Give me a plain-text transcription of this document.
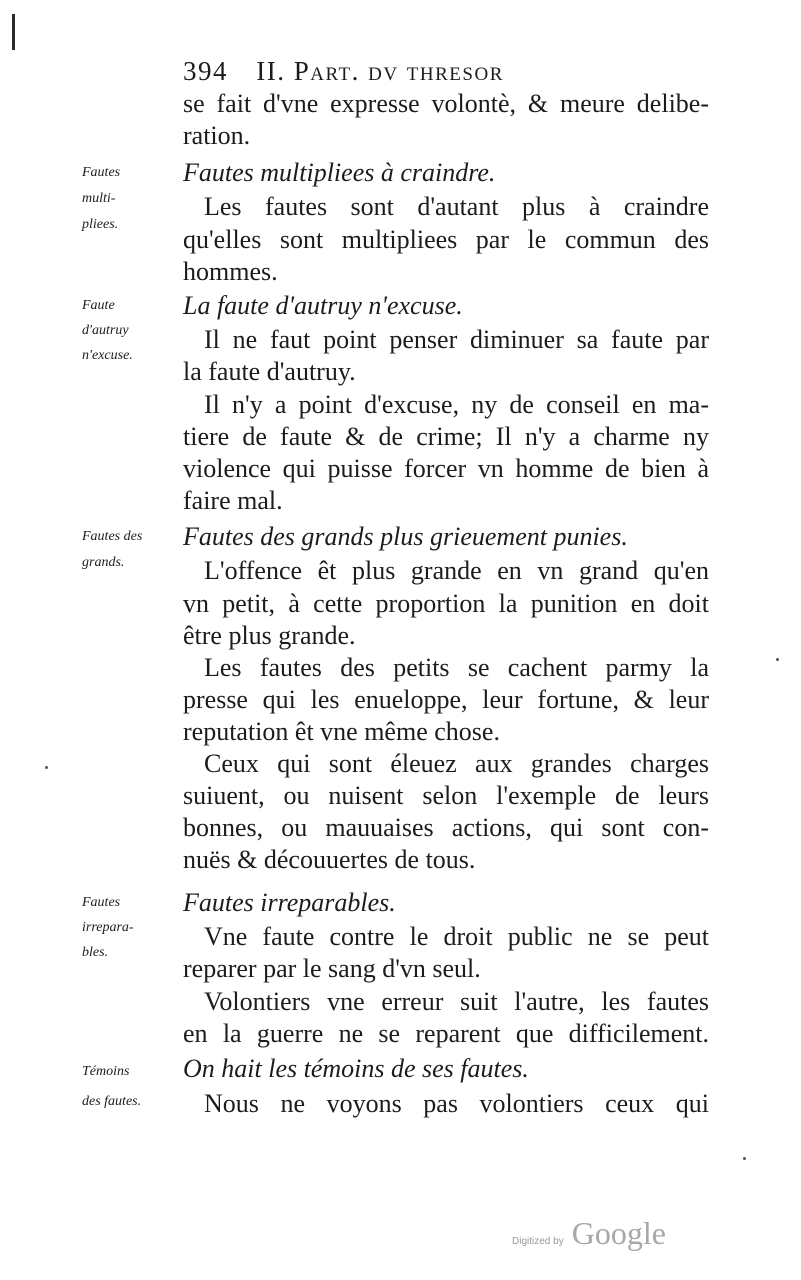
394 II. Part. dv thresor
se fait d'vne expresse volontè, & meure delibe-
ration.
Fautes multipliees à craindre.
Les fautes sont d'autant plus à craindre
qu'elles sont multipliees par le commun des
hommes.
La faute d'autruy n'excuse.
Il ne faut point penser diminuer sa faute par
la faute d'autruy.
Il n'y a point d'excuse, ny de conseil en ma-
tiere de faute & de crime; Il n'y a charme ny
violence qui puisse forcer vn homme de bien à
faire mal.
Fautes des grands plus grieuement punies.
L'offence êt plus grande en vn grand qu'en
vn petit, à cette proportion la punition en doit
être plus grande.
Les fautes des petits se cachent parmy la
presse qui les enueloppe, leur fortune, & leur
reputation êt vne même chose.
Ceux qui sont éleuez aux grandes charges
suiuent, ou nuisent selon l'exemple de leurs
bonnes, ou mauuaises actions, qui sont con-
nuës & découuertes de tous.
Fautes irreparables.
Vne faute contre le droit public ne se peut
reparer par le sang d'vn seul.
Volontiers vne erreur suit l'autre, les fautes
en la guerre ne se reparent que difficilement.
On hait les témoins de ses fautes.
Nous ne voyons pas volontiers ceux qui
Fautes
multi-
pliees.
Faute
d'autruy
n'excuse.
Fautes des
grands.
Fautes
irrepara-
bles.
Témoins
des fautes.
Digitized by Google
